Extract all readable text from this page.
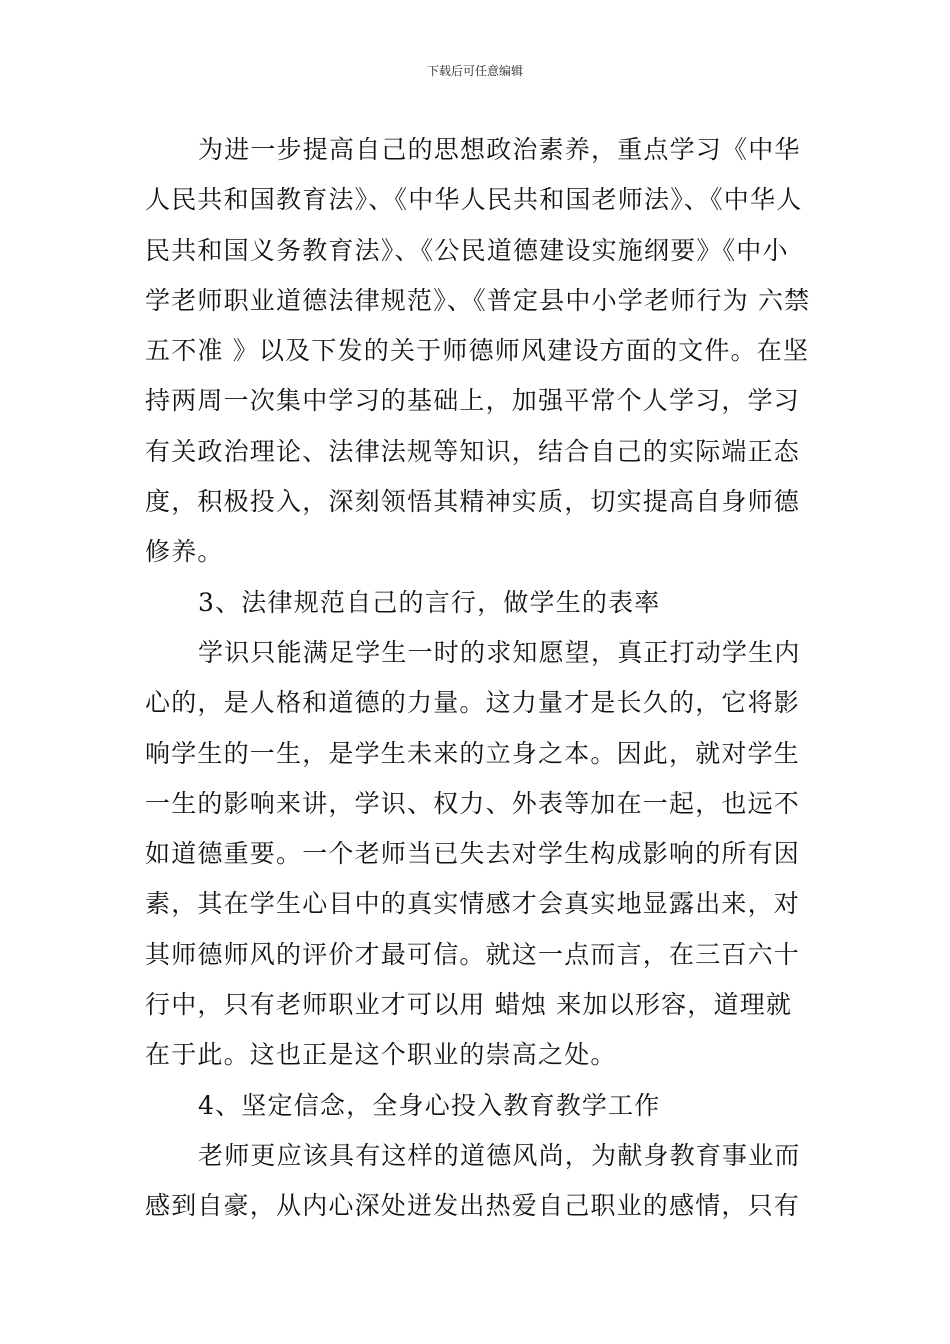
下载后可任意编辑

为进一步提高自己的思想政治素养，重点学习《中华人民共和国教育法》、《中华人民共和国老师法》、《中华人民共和国义务教育法》、《公民道德建设实施纲要》《中小学老师职业道德法律规范》、《普定县中小学老师行为 六禁五不准 》以及下发的关于师德师风建设方面的文件。在坚持两周一次集中学习的基础上，加强平常个人学习，学习有关政治理论、法律法规等知识，结合自己的实际端正态度，积极投入，深刻领悟其精神实质，切实提高自身师德修养。

3、法律规范自己的言行，做学生的表率

学识只能满足学生一时的求知愿望，真正打动学生内心的，是人格和道德的力量。这力量才是长久的，它将影响学生的一生，是学生未来的立身之本。因此，就对学生一生的影响来讲，学识、权力、外表等加在一起，也远不如道德重要。一个老师当已失去对学生构成影响的所有因素，其在学生心目中的真实情感才会真实地显露出来，对其师德师风的评价才最可信。就这一点而言，在三百六十行中，只有老师职业才可以用 蜡烛 来加以形容，道理就在于此。这也正是这个职业的崇高之处。

4、坚定信念，全身心投入教育教学工作

老师更应该具有这样的道德风尚，为献身教育事业而感到自豪，从内心深处迸发出热爱自己职业的感情，只有
